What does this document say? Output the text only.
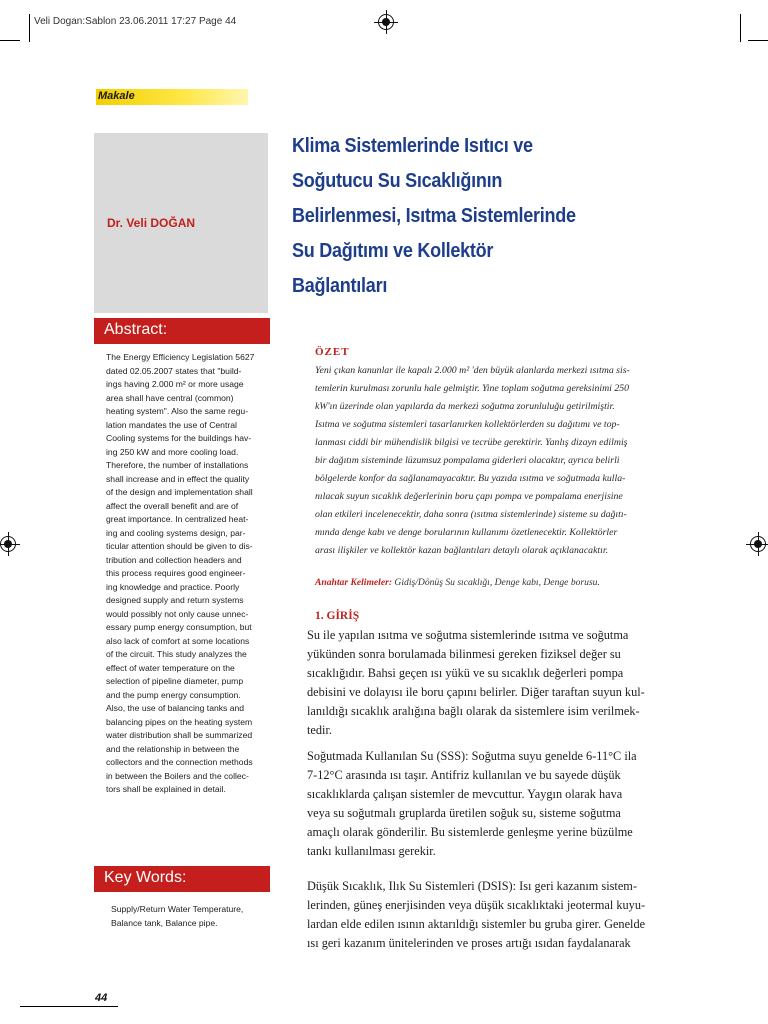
Veli Dogan:Sablon 23.06.2011 17:27 Page 44
Makale
Dr. Veli DOĞAN
Abstract:
The Energy Efficiency Legislation 5627
dated 02.05.2007 states that "build-
ings having 2.000 m² or more usage
area shall have central (common)
heating system". Also the same regu-
lation mandates the use of Central
Cooling systems for the buildings hav-
ing 250 kW and more cooling load.
Therefore, the number of installations
shall increase and in effect the quality
of the design and implementation shall
affect the overall benefit and are of
great importance. In centralized heat-
ing and cooling systems design, par-
ticular attention should be given to dis-
tribution and collection headers and
this process requires good engineer-
ing knowledge and practice. Poorly
designed supply and return systems
would possibly not only cause unnec-
essary pump energy consumption, but
also lack of comfort at some locations
of the circuit. This study analyzes the
effect of water temperature on the
selection of pipeline diameter, pump
and the pump energy consumption.
Also, the use of balancing tanks and
balancing pipes on the heating system
water distribution shall be summarized
and the relationship in between the
collectors and the connection methods
in between the Boilers and the collec-
tors shall be explained in detail.
Key Words:
Supply/Return Water Temperature,
Balance tank, Balance pipe.
Klima Sistemlerinde Isıtıcı ve
Soğutucu Su Sıcaklığının
Belirlenmesi, Isıtma Sistemlerinde
Su Dağıtımı ve Kollektör
Bağlantıları
ÖZET
Yeni çıkan kanunlar ile kapalı 2.000 m² 'den büyük alanlarda merkezi ısıtma sis-
temlerin kurulması zorunlu hale gelmiştir. Yine toplam soğutma gereksinimi 250
kW'ın üzerinde olan yapılarda da merkezi soğutma zorunluluğu getirilmiştir.
Isıtma ve soğutma sistemleri tasarlanırken kollektörlerden su dağıtımı ve top-
lanması ciddi bir mühendislik bilgisi ve tecrübe gerektirir. Yanlış dizayn edilmiş
bir dağıtım sisteminde lüzumsuz pompalama giderleri olacaktır, ayrıca belirli
bölgelerde konfor da sağlanamayacaktır. Bu yazıda ısıtma ve soğutmada kulla-
nılacak suyun sıcaklık değerlerinin boru çapı pompa ve pompalama enerjisine
olan etkileri incelenecektir, daha sonra (ısıtma sistemlerinde) sisteme su dağıtı-
mında denge kabı ve denge borularının kullanımı özetlenecektir. Kollektörler
arası ilişkiler ve kollektör kazan bağlantıları detaylı olarak açıklanacaktır.
Anahtar Kelimeler: Gidiş/Dönüş Su sıcaklığı, Denge kabı, Denge borusu.
1. GİRİŞ
Su ile yapılan ısıtma ve soğutma sistemlerinde ısıtma ve soğutma
yükünden sonra borulamada bilinmesi gereken fiziksel değer su
sıcaklığıdır. Bahsi geçen ısı yükü ve su sıcaklık değerleri pompa
debisini ve dolayısı ile boru çapını belirler. Diğer taraftan suyun kul-
lanıldığı sıcaklık aralığına bağlı olarak da sistemlere isim verilmek-
tedir.
Soğutmada Kullanılan Su (SSS): Soğutma suyu genelde 6-11°C ila
7-12°C arasında ısı taşır. Antifriz kullanılan ve bu sayede düşük
sıcaklıklarda çalışan sistemler de mevcuttur. Yaygın olarak hava
veya su soğutmalı gruplarda üretilen soğuk su, sisteme soğutma
amaçlı olarak gönderilir. Bu sistemlerde genleşme yerine büzülme
tankı kullanılması gerekir.
Düşük Sıcaklık, Ilık Su Sistemleri (DSIS): Isı geri kazanım sistem-
lerinden, güneş enerjisinden veya düşük sıcaklıktaki jeotermal kuyu-
lardan elde edilen ısının aktarıldığı sistemler bu gruba girer. Genelde
ısı geri kazanım ünitelerinden ve proses artığı ısıdan faydalanarak
44
